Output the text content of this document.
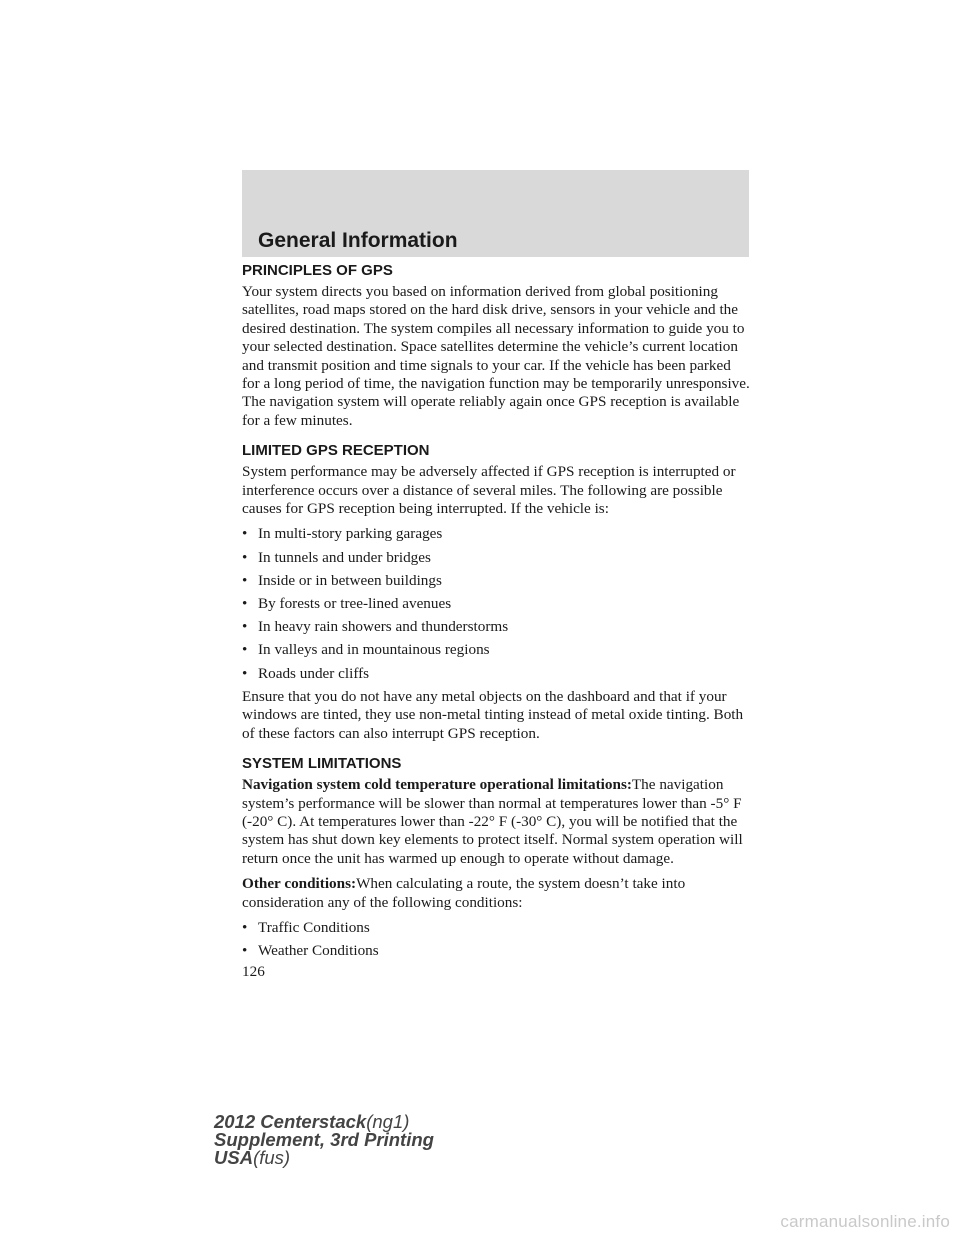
General Information
PRINCIPLES OF GPS

Your system directs you based on information derived from global positioning satellites, road maps stored on the hard disk drive, sensors in your vehicle and the desired destination. The system compiles all necessary information to guide you to your selected destination. Space satellites determine the vehicle’s current location and transmit position and time signals to your car. If the vehicle has been parked for a long period of time, the navigation function may be temporarily unresponsive. The navigation system will operate reliably again once GPS reception is available for a few minutes.

LIMITED GPS RECEPTION

System performance may be adversely affected if GPS reception is interrupted or interference occurs over a distance of several miles. The following are possible causes for GPS reception being interrupted. If the vehicle is:

• In multi-story parking garages
• In tunnels and under bridges
• Inside or in between buildings
• By forests or tree-lined avenues
• In heavy rain showers and thunderstorms
• In valleys and in mountainous regions
• Roads under cliffs

Ensure that you do not have any metal objects on the dashboard and that if your windows are tinted, they use non-metal tinting instead of metal oxide tinting. Both of these factors can also interrupt GPS reception.

SYSTEM LIMITATIONS

Navigation system cold temperature operational limitations:The navigation system’s performance will be slower than normal at temperatures lower than -5° F (-20° C). At temperatures lower than -22° F (-30° C), you will be notified that the system has shut down key elements to protect itself. Normal system operation will return once the unit has warmed up enough to operate without damage.

Other conditions:When calculating a route, the system doesn’t take into consideration any of the following conditions:

• Traffic Conditions
• Weather Conditions
126
2012 Centerstack(ng1)
Supplement, 3rd Printing
USA(fus)
carmanualsonline.info
